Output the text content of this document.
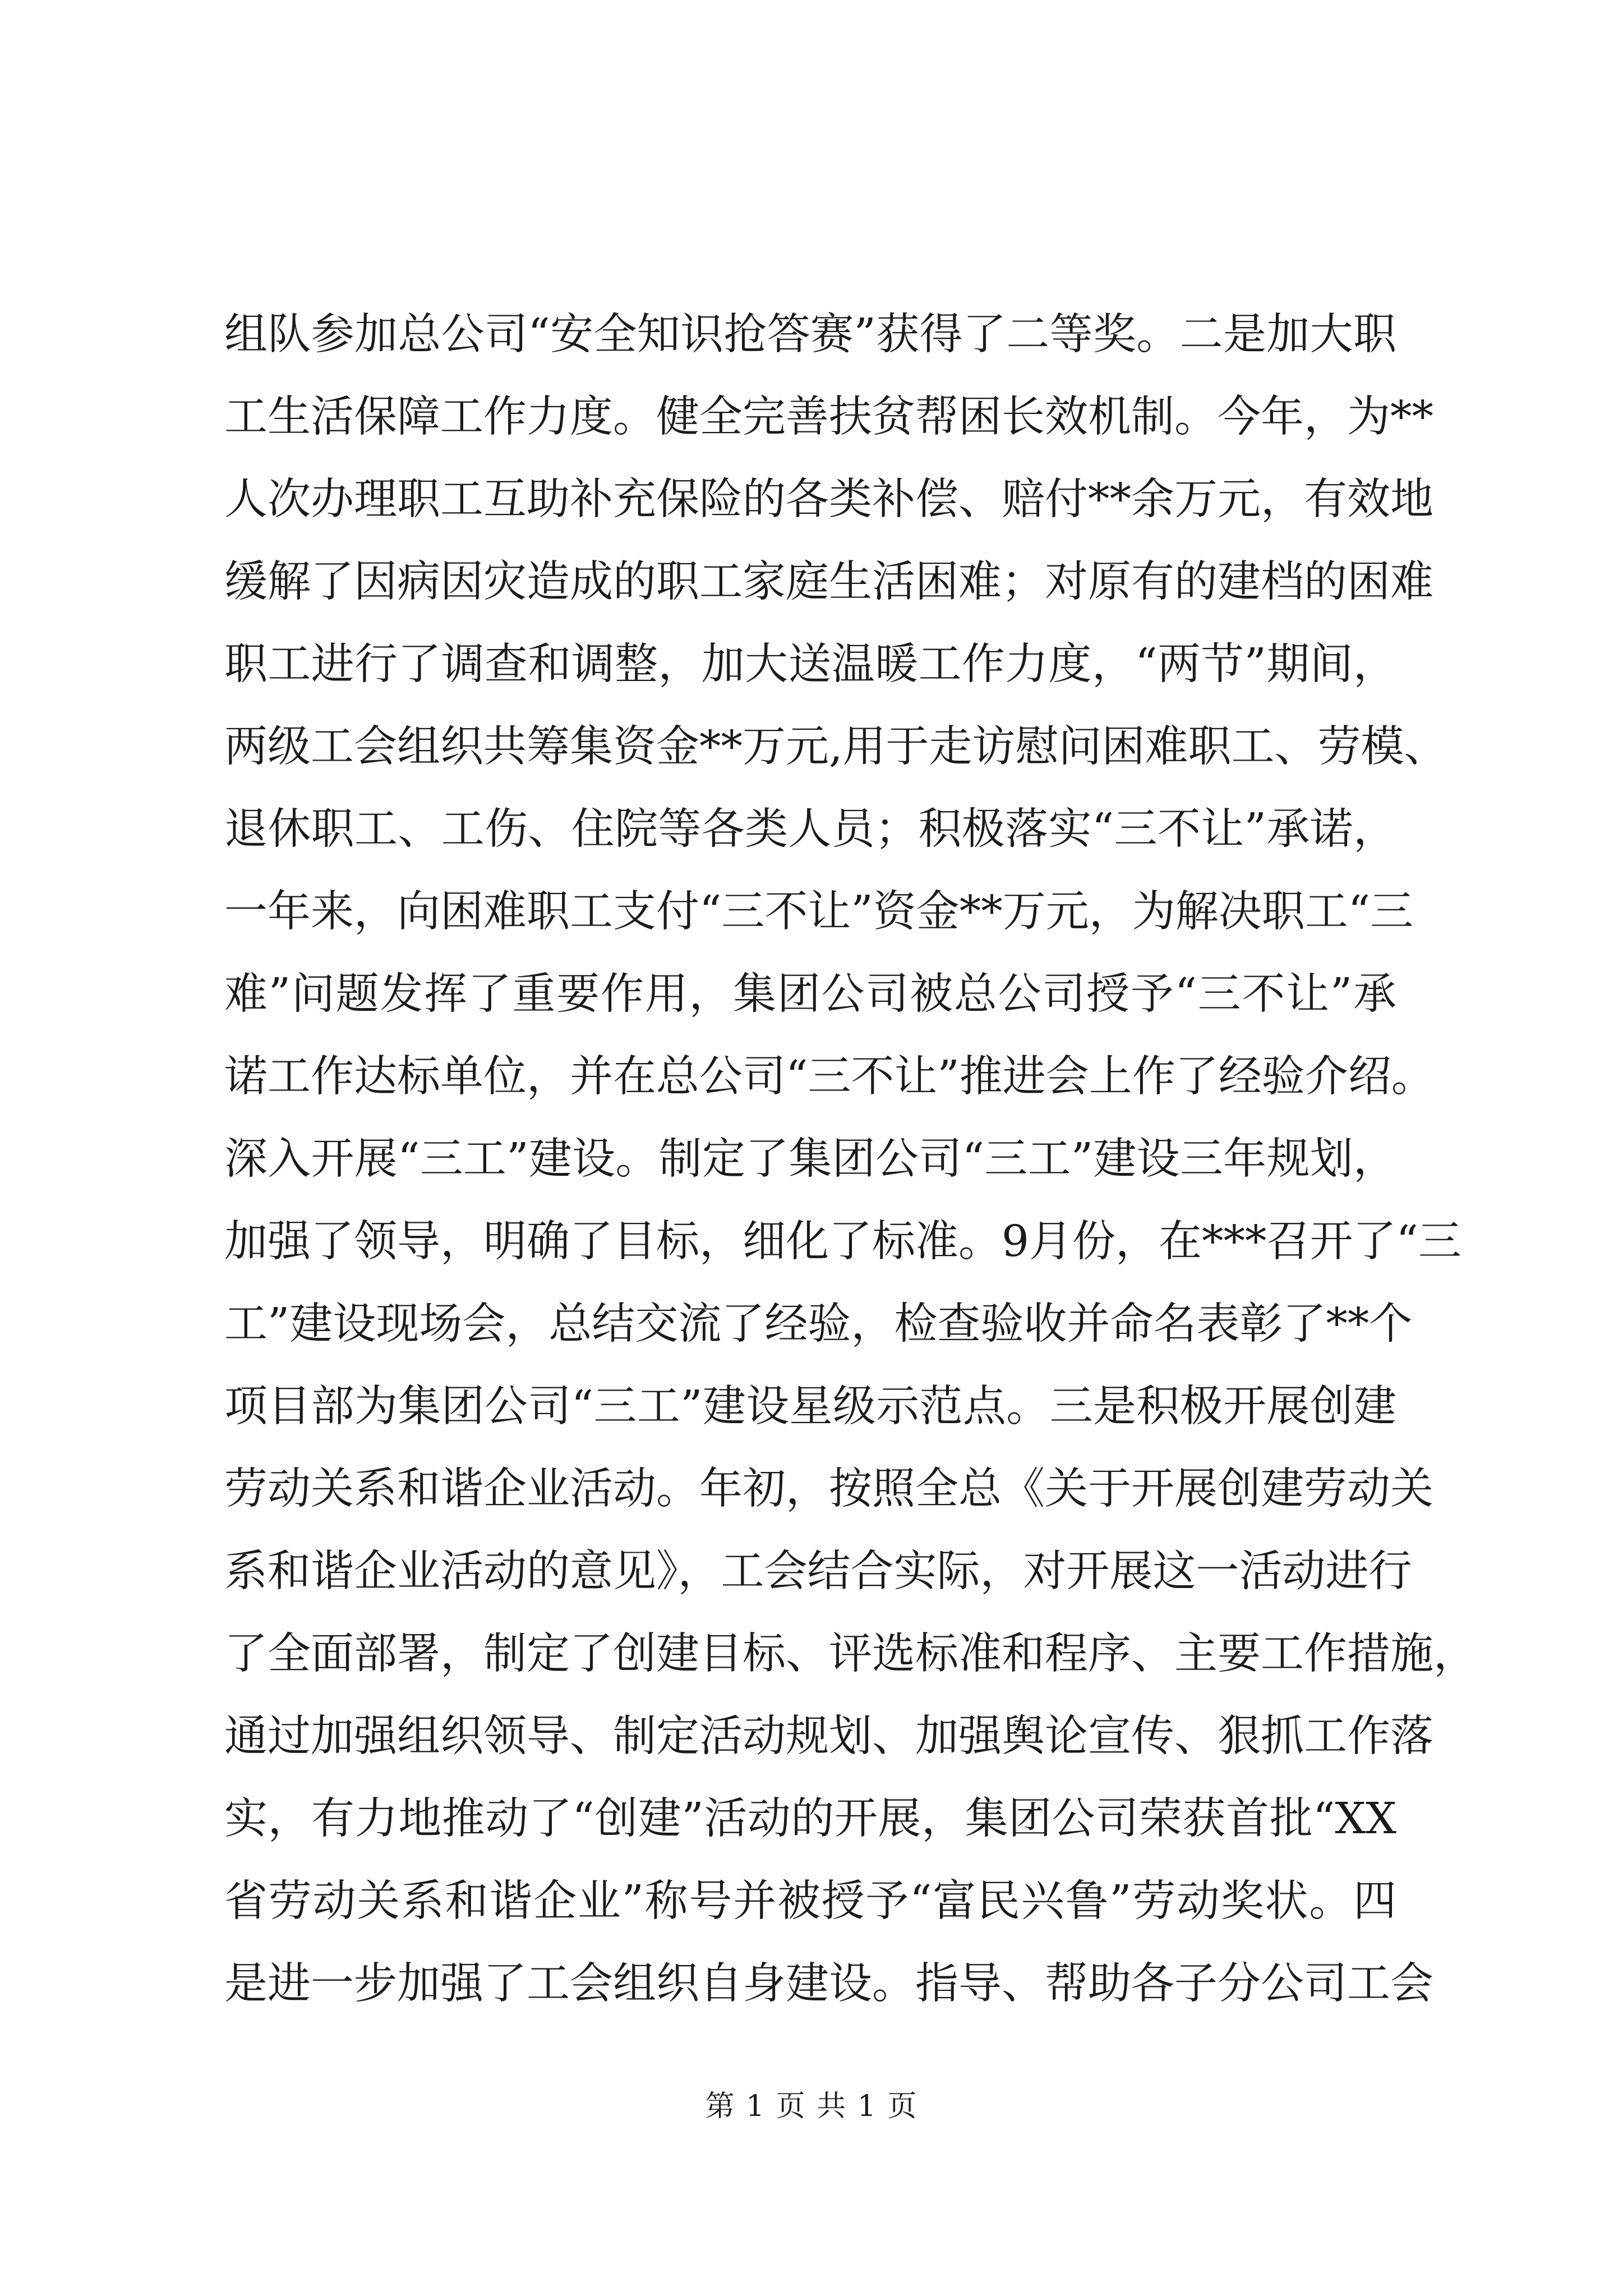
组队参加总公司“安全知识抢答赛”获得了二等奖。二是加大职
工生活保障工作力度。健全完善扶贫帮困长效机制。今年，为**
人次办理职工互助补充保险的各类补偿、赔付**余万元，有效地
缓解了因病因灾造成的职工家庭生活困难；对原有的建档的困难
职工进行了调查和调整，加大送温暖工作力度，“两节”期间，
两级工会组织共筹集资金**万元,用于走访慰问困难职工、劳模、
退休职工、工伤、住院等各类人员；积极落实“三不让”承诺，
一年来，向困难职工支付“三不让”资金**万元，为解决职工“三
难”问题发挥了重要作用，集团公司被总公司授予“三不让”承
诺工作达标单位，并在总公司“三不让”推进会上作了经验介绍。
深入开展“三工”建设。制定了集团公司“三工”建设三年规划，
加强了领导，明确了目标，细化了标准。9月份，在***召开了“三
工”建设现场会，总结交流了经验，检查验收并命名表彰了**个
项目部为集团公司“三工”建设星级示范点。三是积极开展创建
劳动关系和谐企业活动。年初，按照全总《关于开展创建劳动关
系和谐企业活动的意见》，工会结合实际，对开展这一活动进行
了全面部署，制定了创建目标、评选标准和程序、主要工作措施，
通过加强组织领导、制定活动规划、加强舆论宣传、狠抓工作落
实，有力地推动了“创建”活动的开展，集团公司荣获首批“XX
省劳动关系和谐企业”称号并被授予“富民兴鲁”劳动奖状。四
是进一步加强了工会组织自身建设。指导、帮助各子分公司工会
第 1 页 共 1 页
